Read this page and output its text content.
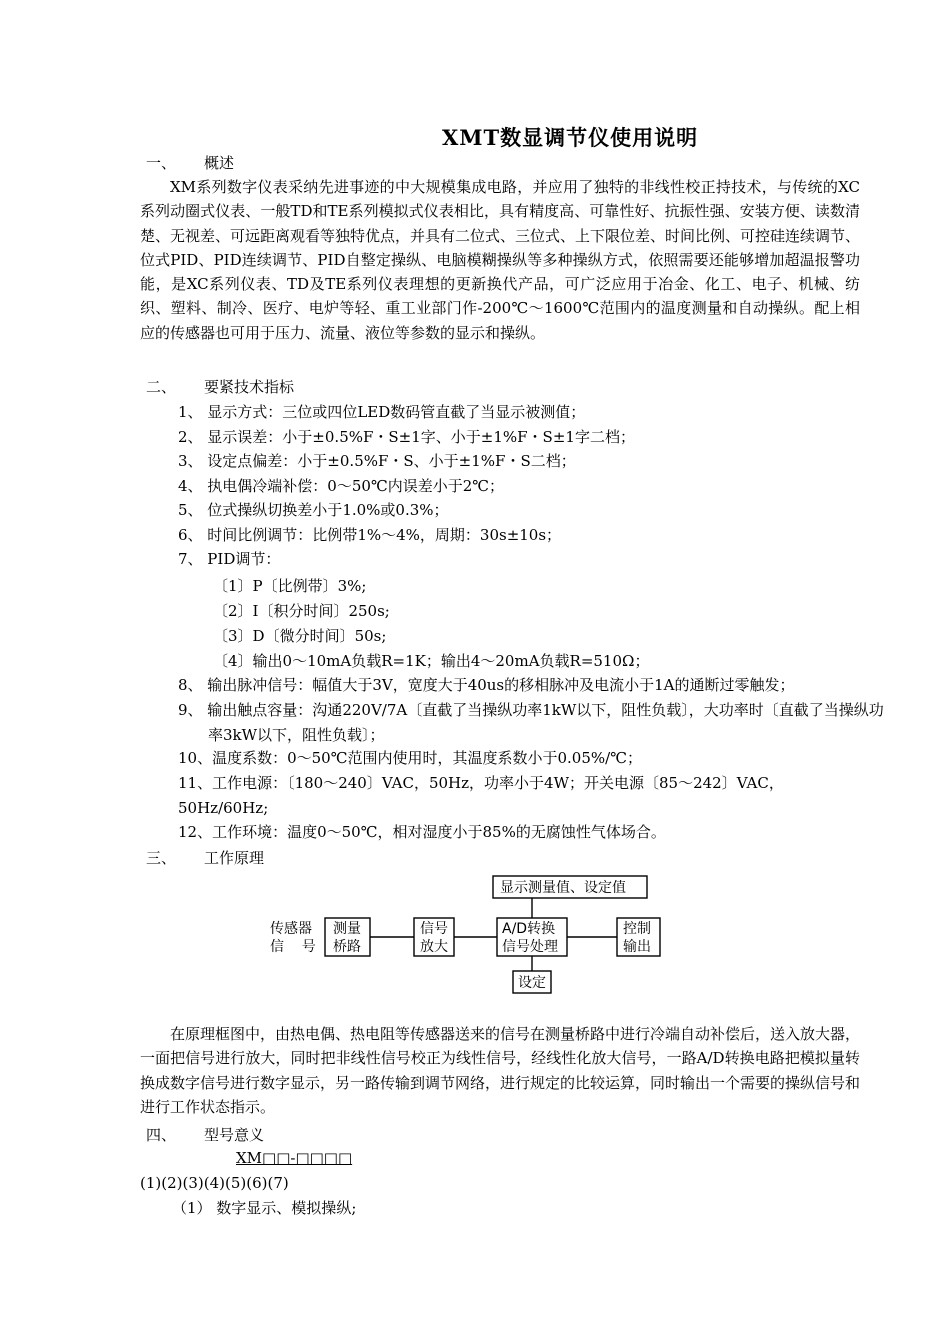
XMT数显调节仪使用说明
一、 概述
XM系列数字仪表采纳先进事迹的中大规模集成电路，并应用了独特的非线性校正持技术，与传统的XC系列动圈式仪表、一般TD和TE系列模拟式仪表相比，具有精度高、可靠性好、抗振性强、安装方便、读数清楚、无视差、可远距离观看等独特优点，并具有二位式、三位式、上下限位差、时间比例、可控硅连续调节、位式PID、PID连续调节、PID自整定操纵、电脑模糊操纵等多种操纵方式，依照需要还能够增加超温报警功能，是XC系列仪表、TD及TE系列仪表理想的更新换代产品，可广泛应用于冶金、化工、电子、机械、纺织、塑料、制冷、医疗、电炉等轻、重工业部门作-200℃～1600℃范围内的温度测量和自动操纵。配上相应的传感器也可用于压力、流量、液位等参数的显示和操纵。
二、 要紧技术指标
1、 显示方式：三位或四位LED数码管直截了当显示被测值；
2、 显示误差：小于±0.5%F・S±1字、小于±1%F・S±1字二档；
3、 设定点偏差：小于±0.5%F・S、小于±1%F・S二档；
4、 执电偶冷端补偿：0～50℃内误差小于2℃；
5、 位式操纵切换差小于1.0%或0.3%；
6、 时间比例调节：比例带1%～4%，周期：30s±10s；
7、 PID调节：
〔1〕P〔比例带〕3%;
〔2〕I〔积分时间〕250s;
〔3〕D〔微分时间〕50s;
〔4〕输出0～10mA负载R=1K；输出4～20mA负载R=510Ω；
8、 输出脉冲信号：幅值大于3V，宽度大于40us的移相脉冲及电流小于1A的通断过零触发；
9、 输出触点容量：沟通220V/7A〔直截了当操纵功率1kW以下，阻性负载〕，大功率时〔直截了当操纵功率3kW以下，阻性负载〕；
10、温度系数：0～50℃范围内使用时，其温度系数小于0.05%/℃；
11、工作电源：〔180～240〕VAC，50Hz，功率小于4W；开关电源〔85～242〕VAC，50Hz/60Hz;
12、工作环境：温度0～50℃，相对湿度小于85%的无腐蚀性气体场合。
三、 工作原理
传感器
信    号
测量
桥路
信号
放大
A/D转换
信号处理
显示测量值、设定值
控制
输出
设定
在原理框图中，由热电偶、热电阻等传感器送来的信号在测量桥路中进行冷端自动补偿后，送入放大器，一面把信号进行放大，同时把非线性信号校正为线性信号，经线性化放大信号，一路A/D转换电路把模拟量转换成数字信号进行数字显示，另一路传输到调节网络，进行规定的比较运算，同时输出一个需要的操纵信号和进行工作状态指示。
四、 型号意义
XM□□-□□□□
(1)(2)(3)(4)(5)(6)(7)
（1） 数字显示、模拟操纵;
